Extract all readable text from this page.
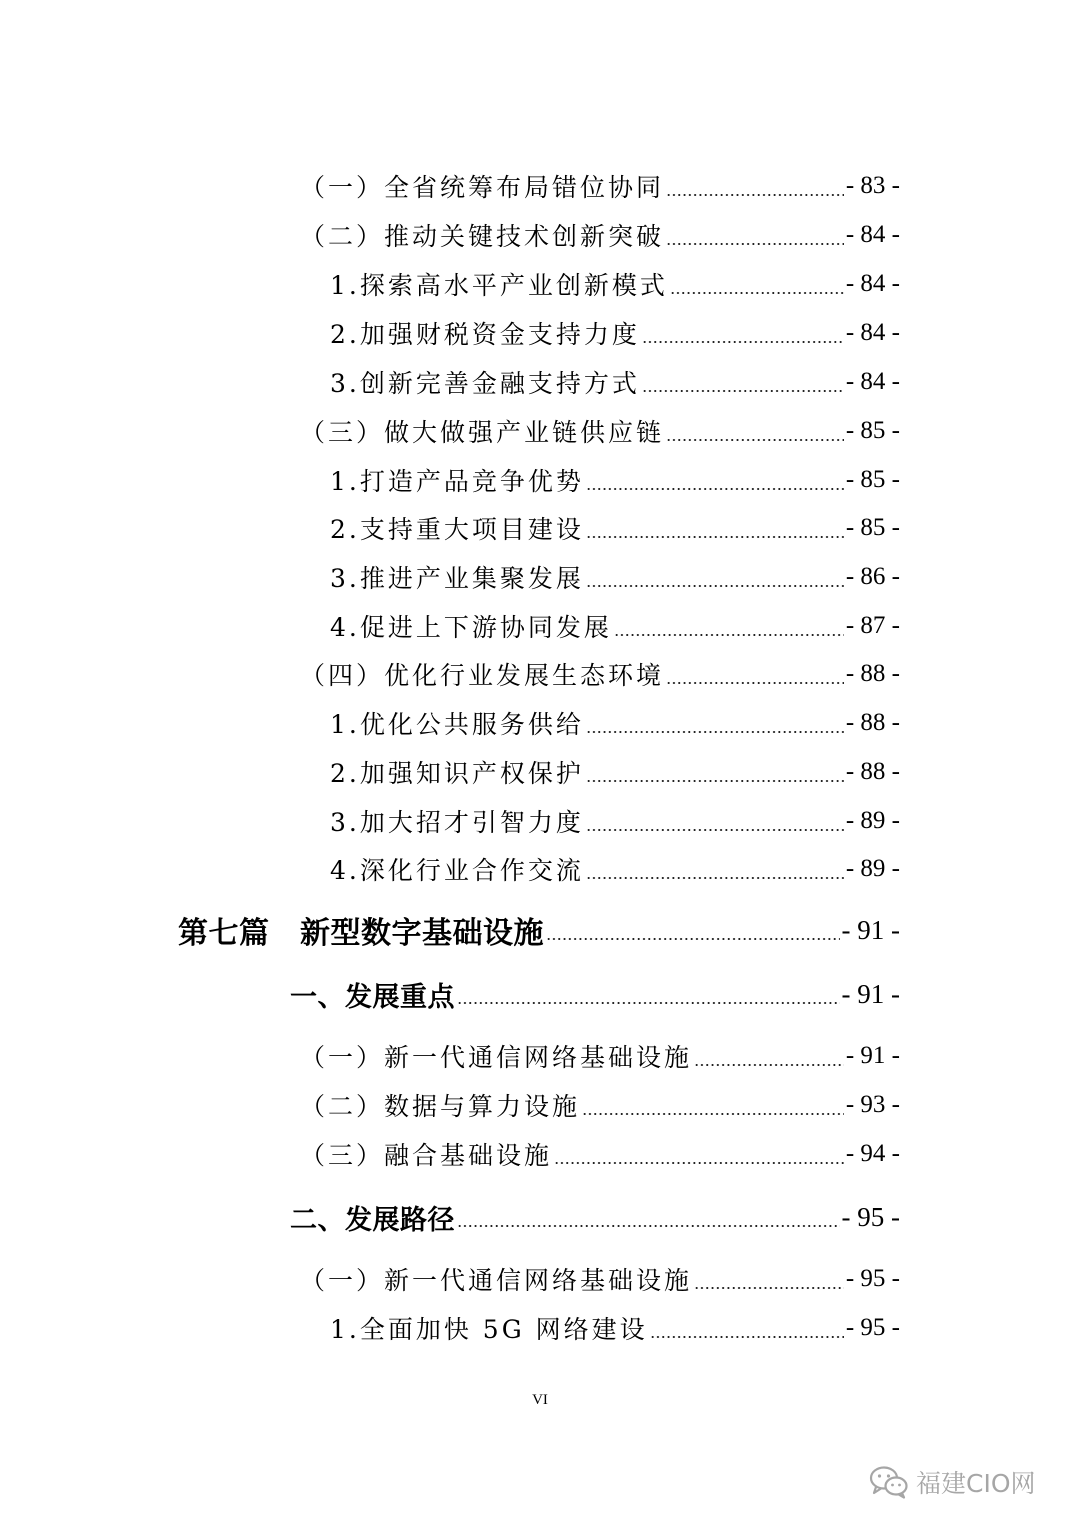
（一）全省统筹布局错位协同	- 83 -
（二）推动关键技术创新突破	- 84 -
1.探索高水平产业创新模式	- 84 -
2.加强财税资金支持力度	- 84 -
3.创新完善金融支持方式	- 84 -
（三）做大做强产业链供应链	- 85 -
1.打造产品竞争优势	- 85 -
2.支持重大项目建设	- 85 -
3.推进产业集聚发展	- 86 -
4.促进上下游协同发展	- 87 -
（四）优化行业发展生态环境	- 88 -
1.优化公共服务供给	- 88 -
2.加强知识产权保护	- 88 -
3.加大招才引智力度	- 89 -
4.深化行业合作交流	- 89 -
第七篇　新型数字基础设施	- 91 -
一、发展重点	- 91 -
（一）新一代通信网络基础设施	- 91 -
（二）数据与算力设施	- 93 -
（三）融合基础设施	- 94 -
二、发展路径	- 95 -
（一）新一代通信网络基础设施	- 95 -
1.全面加快 5G 网络建设	- 95 -
VI
福建CIO网
